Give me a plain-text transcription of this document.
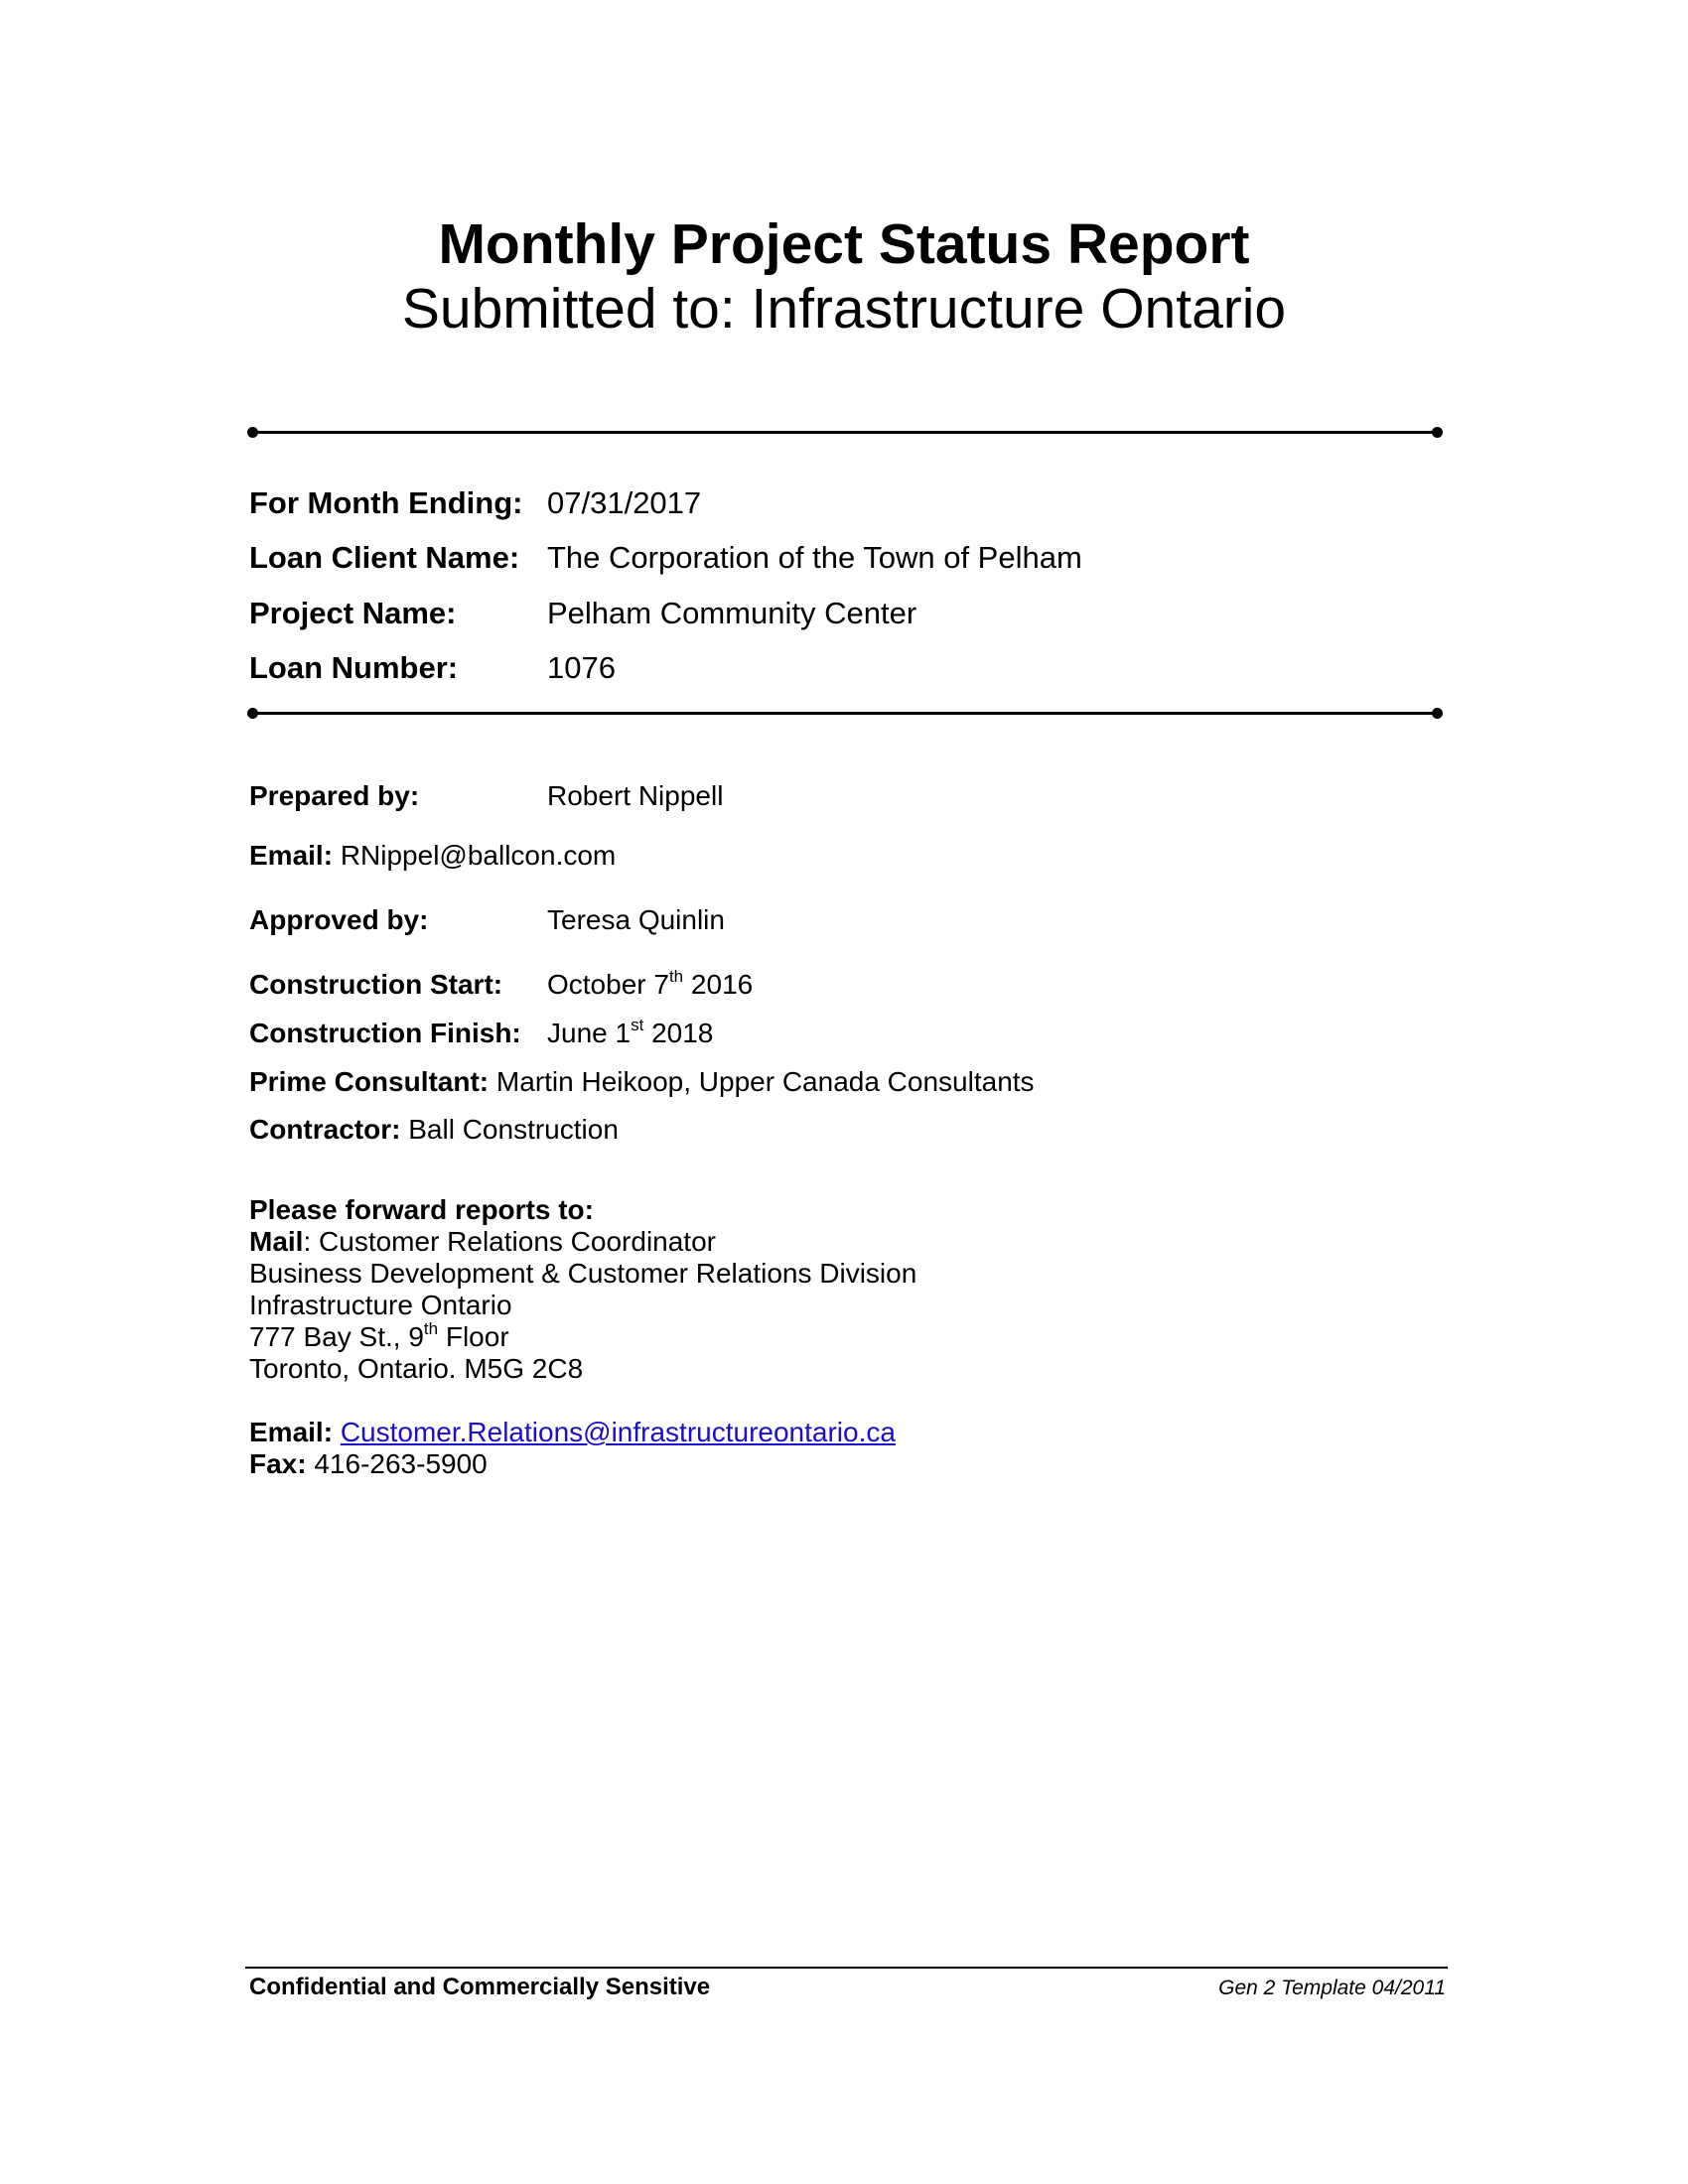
Monthly Project Status Report
Submitted to: Infrastructure Ontario
For Month Ending: 07/31/2017
Loan Client Name: The Corporation of the Town of Pelham
Project Name:	Pelham Community Center
Loan Number:	1076
Prepared by:	Robert Nippell
Email: RNippel@ballcon.com
Approved by:	Teresa Quinlin
Construction Start: October 7th 2016
Construction Finish: June 1st 2018
Prime Consultant: Martin Heikoop, Upper Canada Consultants
Contractor: Ball Construction
Please forward reports to:
Mail: Customer Relations Coordinator
Business Development & Customer Relations Division
Infrastructure Ontario
777 Bay St., 9th Floor
Toronto, Ontario. M5G 2C8
Email: Customer.Relations@infrastructureontario.ca
Fax: 416-263-5900
Confidential and Commercially Sensitive	Gen 2 Template 04/2011
